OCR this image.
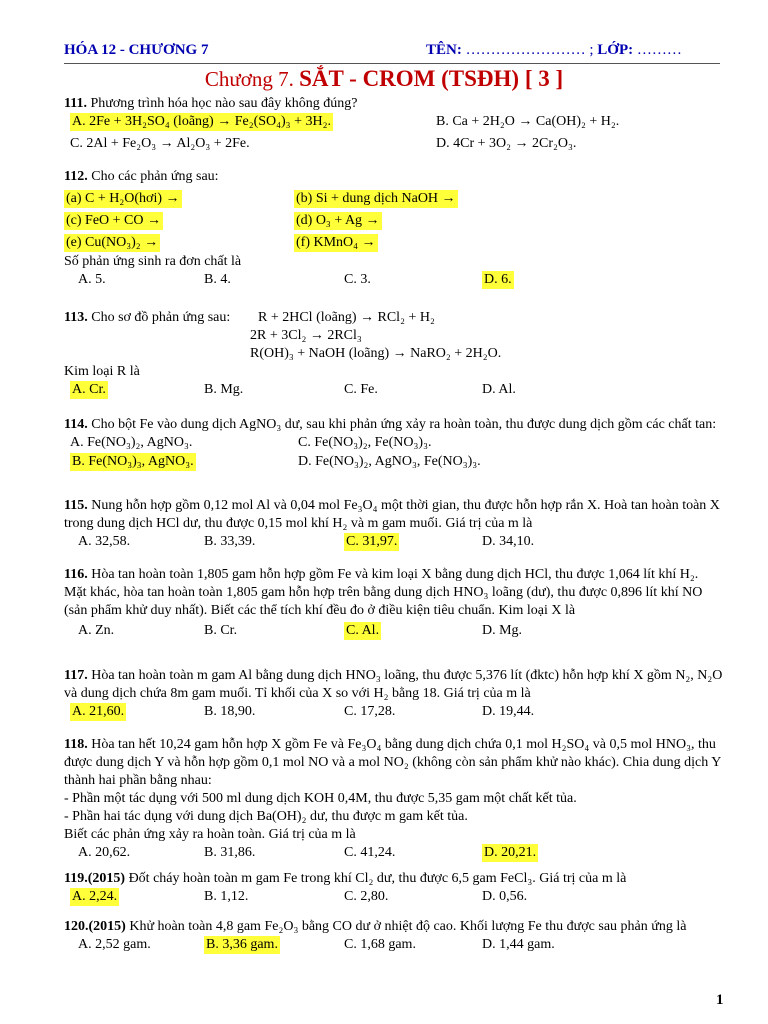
HÓA 12 - CHƯƠNG 7	TÊN: …………………… ; LỚP: ………
Chương 7. SẮT - CROM (TSĐH) [ 3 ]
111. Phương trình hóa học nào sau đây không đúng?
A. 2Fe + 3H₂SO₄ (loãng) → Fe₂(SO₄)₃ + 3H₂.	B. Ca + 2H₂O → Ca(OH)₂ + H₂.
C. 2Al + Fe₂O₃ → Al₂O₃ + 2Fe.	D. 4Cr + 3O₂ → 2Cr₂O₃.
112. Cho các phản ứng sau:
(a) C + H₂O(hơi) →	(b) Si + dung dịch NaOH →
(c) FeO + CO →	(d) O₃ + Ag →
(e) Cu(NO₃)₂ →	(f) KMnO₄ →
Số phản ứng sinh ra đơn chất là
A. 5.	B. 4.	C. 3.	D. 6.
113. Cho sơ đồ phản ứng sau: R + 2HCl (loãng) → RCl₂ + H₂
2R + 3Cl₂ → 2RCl₃
R(OH)₃ + NaOH (loãng) → NaRO₂ + 2H₂O.
Kim loại R là
A. Cr.	B. Mg.	C. Fe.	D. Al.
114. Cho bột Fe vào dung dịch AgNO₃ dư, sau khi phản ứng xảy ra hoàn toàn, thu được dung dịch gồm các chất tan:
A. Fe(NO₃)₂, AgNO₃.	C. Fe(NO₃)₂, Fe(NO₃)₃.
B. Fe(NO₃)₃, AgNO₃.	D. Fe(NO₃)₂, AgNO₃, Fe(NO₃)₃.
115. Nung hỗn hợp gồm 0,12 mol Al và 0,04 mol Fe₃O₄ một thời gian, thu được hỗn hợp rắn X. Hoà tan hoàn toàn X trong dung dịch HCl dư, thu được 0,15 mol khí H₂ và m gam muối. Giá trị của m là
A. 32,58.	B. 33,39.	C. 31,97.	D. 34,10.
116. Hòa tan hoàn toàn 1,805 gam hỗn hợp gồm Fe và kim loại X bằng dung dịch HCl, thu được 1,064 lít khí H₂. Mặt khác, hòa tan hoàn toàn 1,805 gam hỗn hợp trên bằng dung dịch HNO₃ loãng (dư), thu được 0,896 lít khí NO (sản phẩm khử duy nhất). Biết các thể tích khí đều đo ở điều kiện tiêu chuẩn. Kim loại X là
A. Zn.	B. Cr.	C. Al.	D. Mg.
117. Hòa tan hoàn toàn m gam Al bằng dung dịch HNO₃ loãng, thu được 5,376 lít (đktc) hỗn hợp khí X gồm N₂, N₂O và dung dịch chứa 8m gam muối. Tỉ khối của X so với H₂ bằng 18. Giá trị của m là
A. 21,60.	B. 18,90.	C. 17,28.	D. 19,44.
118. Hòa tan hết 10,24 gam hỗn hợp X gồm Fe và Fe₃O₄ bằng dung dịch chứa 0,1 mol H₂SO₄ và 0,5 mol HNO₃, thu được dung dịch Y và hỗn hợp gồm 0,1 mol NO và a mol NO₂ (không còn sản phẩm khử nào khác). Chia dung dịch Y thành hai phần bằng nhau:
- Phần một tác dụng với 500 ml dung dịch KOH 0,4M, thu được 5,35 gam một chất kết tủa.
- Phần hai tác dụng với dung dịch Ba(OH)₂ dư, thu được m gam kết tủa.
Biết các phản ứng xảy ra hoàn toàn. Giá trị của m là
A. 20,62.	B. 31,86.	C. 41,24.	D. 20,21.
119.(2015) Đốt cháy hoàn toàn m gam Fe trong khí Cl₂ dư, thu được 6,5 gam FeCl₃. Giá trị của m là
A. 2,24.	B. 1,12.	C. 2,80.	D. 0,56.
120.(2015) Khử hoàn toàn 4,8 gam Fe₂O₃ bằng CO dư ở nhiệt độ cao. Khối lượng Fe thu được sau phản ứng là
A. 2,52 gam.	B. 3,36 gam.	C. 1,68 gam.	D. 1,44 gam.
1
